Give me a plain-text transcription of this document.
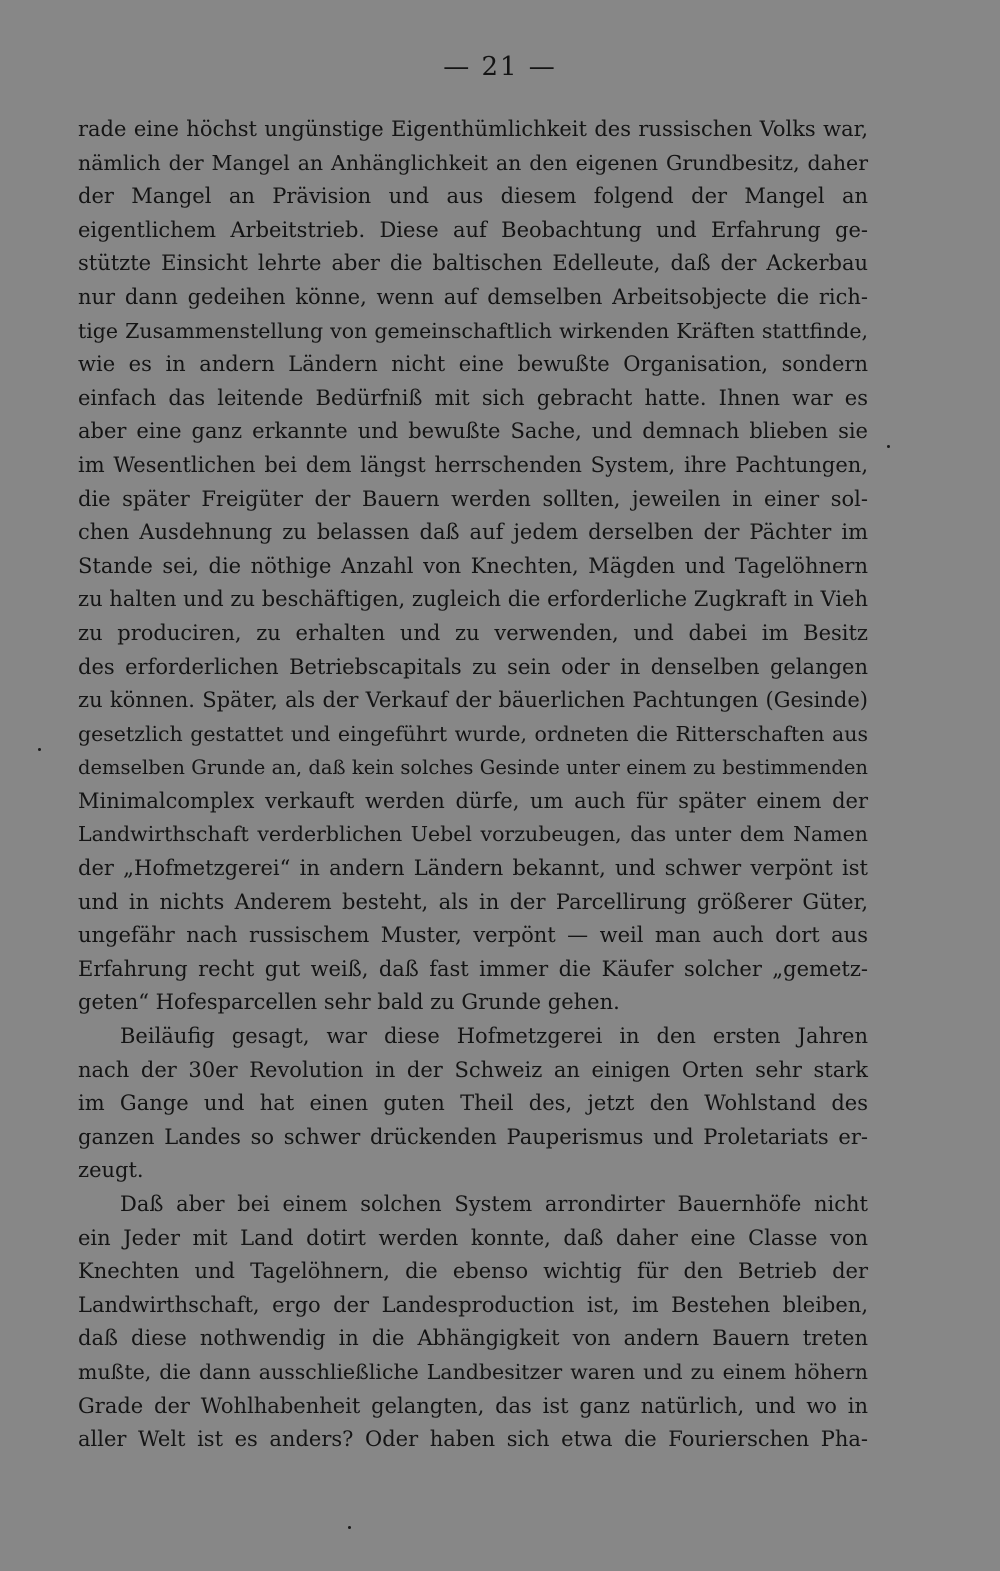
— 21 —
rade eine höchst ungünstige Eigenthümlichkeit des russischen Volks war,
nämlich der Mangel an Anhänglichkeit an den eigenen Grundbesitz, daher
der Mangel an Prävision und aus diesem folgend der Mangel an
eigentlichem Arbeitstrieb. Diese auf Beobachtung und Erfahrung ge-
stützte Einsicht lehrte aber die baltischen Edelleute, daß der Ackerbau
nur dann gedeihen könne, wenn auf demselben Arbeitsobjecte die rich-
tige Zusammenstellung von gemeinschaftlich wirkenden Kräften stattfinde,
wie es in andern Ländern nicht eine bewußte Organisation, sondern
einfach das leitende Bedürfniß mit sich gebracht hatte. Ihnen war es
aber eine ganz erkannte und bewußte Sache, und demnach blieben sie
im Wesentlichen bei dem längst herrschenden System, ihre Pachtungen,
die später Freigüter der Bauern werden sollten, jeweilen in einer sol-
chen Ausdehnung zu belassen daß auf jedem derselben der Pächter im
Stande sei, die nöthige Anzahl von Knechten, Mägden und Tagelöhnern
zu halten und zu beschäftigen, zugleich die erforderliche Zugkraft in Vieh
zu produciren, zu erhalten und zu verwenden, und dabei im Besitz
des erforderlichen Betriebscapitals zu sein oder in denselben gelangen
zu können. Später, als der Verkauf der bäuerlichen Pachtungen (Gesinde)
gesetzlich gestattet und eingeführt wurde, ordneten die Ritterschaften aus
demselben Grunde an, daß kein solches Gesinde unter einem zu bestimmenden
Minimalcomplex verkauft werden dürfe, um auch für später einem der
Landwirthschaft verderblichen Uebel vorzubeugen, das unter dem Namen
der „Hofmetzgerei“ in andern Ländern bekannt, und schwer verpönt ist
und in nichts Anderem besteht, als in der Parcellirung größerer Güter,
ungefähr nach russischem Muster, verpönt — weil man auch dort aus
Erfahrung recht gut weiß, daß fast immer die Käufer solcher „gemetz-
geten“ Hofesparcellen sehr bald zu Grunde gehen.
Beiläufig gesagt, war diese Hofmetzgerei in den ersten Jahren
nach der 30er Revolution in der Schweiz an einigen Orten sehr stark
im Gange und hat einen guten Theil des, jetzt den Wohlstand des
ganzen Landes so schwer drückenden Pauperismus und Proletariats er-
zeugt.
Daß aber bei einem solchen System arrondirter Bauernhöfe nicht
ein Jeder mit Land dotirt werden konnte, daß daher eine Classe von
Knechten und Tagelöhnern, die ebenso wichtig für den Betrieb der
Landwirthschaft, ergo der Landesproduction ist, im Bestehen bleiben,
daß diese nothwendig in die Abhängigkeit von andern Bauern treten
mußte, die dann ausschließliche Landbesitzer waren und zu einem höhern
Grade der Wohlhabenheit gelangten, das ist ganz natürlich, und wo in
aller Welt ist es anders? Oder haben sich etwa die Fourierschen Pha-
